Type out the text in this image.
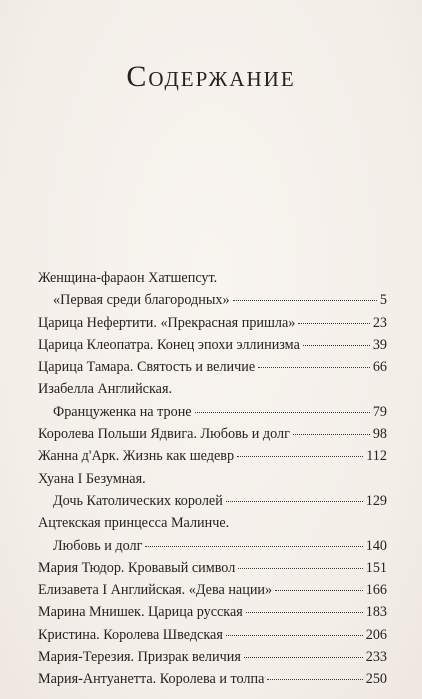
Содержание
Женщина-фараон Хатшепсут.
«Первая среди благородных»	5
Царица Нефертити. «Прекрасная пришла»	23
Царица Клеопатра. Конец эпохи эллинизма	39
Царица Тамара. Святость и величие	66
Изабелла Английская.
Француженка на троне	79
Королева Польши Ядвига. Любовь и долг	98
Жанна д'Арк. Жизнь как шедевр	112
Хуана I Безумная.
Дочь Католических королей	129
Ацтекская принцесса Малинче.
Любовь и долг	140
Мария Тюдор. Кровавый символ	151
Елизавета I Английская. «Дева нации»	166
Марина Мнишек. Царица русская	183
Кристина. Королева Шведская	206
Мария-Терезия. Призрак величия	233
Мария-Антуанетта. Королева и толпа	250
